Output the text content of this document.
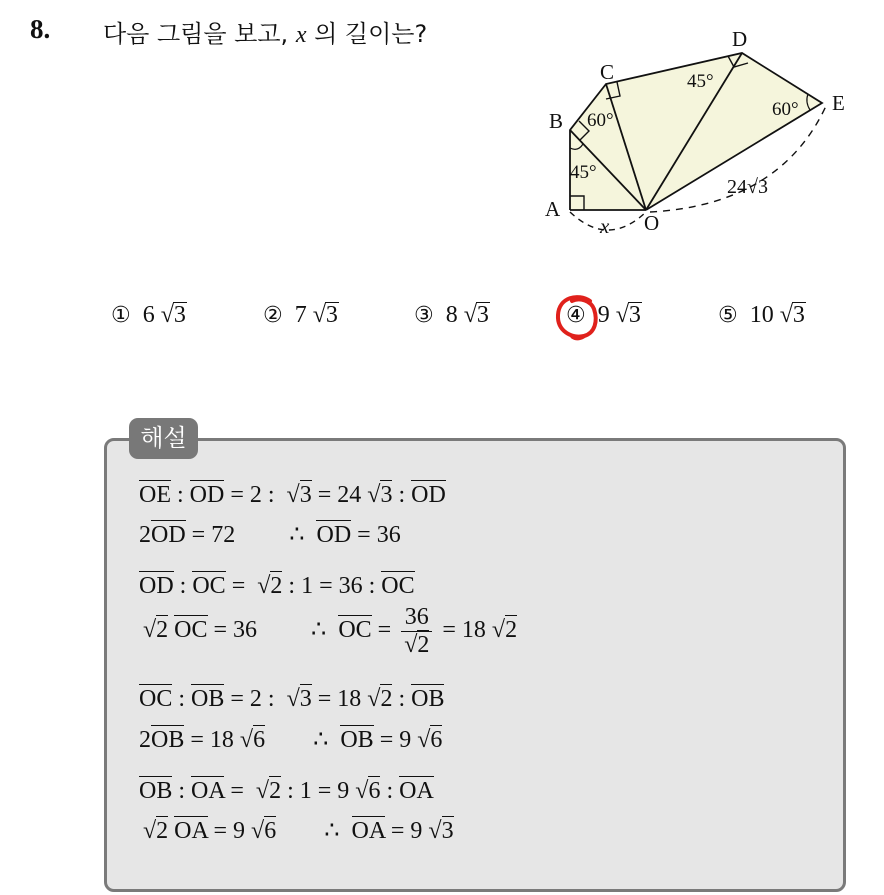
8. 다음 그림을 보고, x 의 길이는?
A
B
C
D
E
O
45°
60°
45°
60°
24√3
x
① 6 √3	② 7 √3	③ 8 √3	④ 9 √3	⑤ 10 √3
해설
OE : OD = 2 :  √3 = 24 √3 : OD
2OD = 72         ∴  OD = 36
OD : OC =  √2 : 1 = 36 : OC
√2 OC = 36         ∴  OC = $\frac{36}{√2} = 18$ √2
OC : OB = 2 :  √3 = 18 √2 : OB
2OB = 18 √6        ∴  OB = 9 √6
OB : OA =  √2 : 1 = 9 √6 : OA
√2 OA = 9 √6        ∴  OA = 9 √3
